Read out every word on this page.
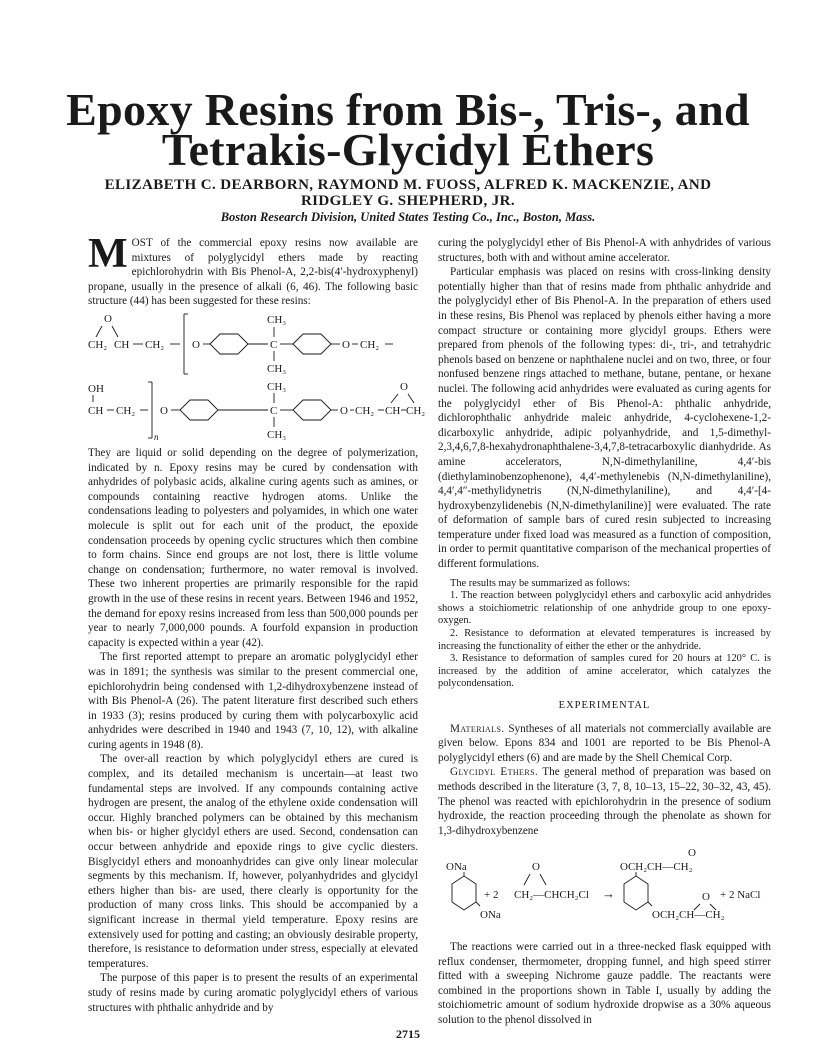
Epoxy Resins from Bis-, Tris-, and
Tetrakis-Glycidyl Ethers
ELIZABETH C. DEARBORN, RAYMOND M. FUOSS, ALFRED K. MACKENZIE, AND
RIDGLEY G. SHEPHERD, JR.
Boston Research Division, United States Testing Co., Inc., Boston, Mass.
M OST of the commercial epoxy resins now available are mixtures of polyglycidyl ethers made by reacting epichlorohydrin with Bis Phenol-A, 2,2-bis(4′-hydroxyphenyl) propane, usually in the presence of alkali (6, 46). The following basic structure (44) has been suggested for these resins:

O
CH₂ CH CH₂	O	C
CH₃
CH₃
O CH₂
OH
CH CH₂
n
O	C
CH₃
CH₃
O CH₂ CH CH₂
O

They are liquid or solid depending on the degree of polymerization, indicated by n. Epoxy resins may be cured by condensation with anhydrides of polybasic acids, alkaline curing agents such as amines, or compounds containing reactive hydrogen atoms. Unlike the condensations leading to polyesters and polyamides, in which one water molecule is split out for each unit of the product, the epoxide condensation proceeds by opening cyclic structures which then combine to form chains. Since end groups are not lost, there is little volume change on condensation; furthermore, no water removal is involved. These two inherent properties are primarily responsible for the rapid growth in the use of these resins in recent years. Between 1946 and 1952, the demand for epoxy resins increased from less than 500,000 pounds per year to nearly 7,000,000 pounds. A fourfold expansion in production capacity is expected within a year (42).

The first reported attempt to prepare an aromatic polyglycidyl ether was in 1891; the synthesis was similar to the present commercial one, epichlorohydrin being condensed with 1,2-dihydroxybenzene instead of with Bis Phenol-A (26). The patent literature first described such ethers in 1933 (3); resins produced by curing them with polycarboxylic acid anhydrides were described in 1940 and 1943 (7, 10, 12), with alkaline curing agents in 1948 (8).

The over-all reaction by which polyglycidyl ethers are cured is complex, and its detailed mechanism is uncertain—at least two fundamental steps are involved. If any compounds containing active hydrogen are present, the analog of the ethylene oxide condensation will occur. Highly branched polymers can be obtained by this mechanism when bis- or higher glycidyl ethers are used. Second, condensation can occur between anhydride and epoxide rings to give cyclic diesters. Bisglycidyl ethers and monoanhydrides can give only linear molecular segments by this mechanism. If, however, polyanhydrides and glycidyl ethers higher than bis- are used, there clearly is opportunity for the production of many cross links. This should be accompanied by a significant increase in thermal yield temperature. Epoxy resins are extensively used for potting and casting; an obviously desirable property, therefore, is resistance to deformation under stress, especially at elevated temperatures.

The purpose of this paper is to present the results of an experimental study of resins made by curing aromatic polyglycidyl ethers of various structures with phthalic anhydride and by

curing the polyglycidyl ether of Bis Phenol-A with anhydrides of various structures, both with and without amine accelerator.

Particular emphasis was placed on resins with cross-linking density potentially higher than that of resins made from phthalic anhydride and the polyglycidyl ether of Bis Phenol-A. In the preparation of ethers used in these resins, Bis Phenol was replaced by phenols either having a more compact structure or containing more glycidyl groups. Ethers were prepared from phenols of the following types: di-, tri-, and tetrahydric phenols based on benzene or naphthalene nuclei and on two, three, or four nonfused benzene rings attached to methane, butane, pentane, or hexane nuclei. The following acid anhydrides were evaluated as curing agents for the polyglycidyl ether of Bis Phenol-A: phthalic anhydride, dichlorophthalic anhydride maleic anhydride, 4-cyclohexene-1,2-dicarboxylic anhydride, adipic polyanhydride, and 1,5-dimethyl-2,3,4,6,7,8-hexahydronaphthalene-3,4,7,8-tetracarboxylic dianhydride. As amine accelerators, N,N-dimethylaniline, 4,4′-bis (diethylaminobenzophenone), 4,4′-methylenebis (N,N-dimethylaniline), 4,4′,4″-methylidynetris (N,N-dimethylaniline), and 4,4′-[4-hydroxybenzylidenebis (N,N-dimethylaniline)] were evaluated. The rate of deformation of sample bars of cured resin subjected to increasing temperature under fixed load was measured as a function of composition, in order to permit quantitative comparison of the mechanical properties of different formulations.

The results may be summarized as follows:

1. The reaction between polyglycidyl ethers and carboxylic acid anhydrides shows a stoichiometric relationship of one anhydride group to one epoxy-oxygen.

2. Resistance to deformation at elevated temperatures is increased by increasing the functionality of either the ether or the anhydride.

3. Resistance to deformation of samples cured for 20 hours at 120° C. is increased by the addition of amine accelerator, which catalyzes the polycondensation.

EXPERIMENTAL

Materials. Syntheses of all materials not commercially available are given below. Epons 834 and 1001 are reported to be Bis Phenol-A polyglycidyl ethers (6) and are made by the Shell Chemical Corp.

Glycidyl Ethers. The general method of preparation was based on methods described in the literature (3, 7, 8, 10–13, 15–22, 30–32, 43, 45). The phenol was reacted with epichlorohydrin in the presence of sodium hydroxide, the reaction proceeding through the phenolate as shown for 1,3-dihydroxybenzene

ONa
ONa
+ 2
O
CH₂—CHCH₂Cl →
OCH₂CH—CH₂
OCH₂CH—CH₂
O
O + 2 NaCl

The reactions were carried out in a three-necked flask equipped with reflux condenser, thermometer, dropping funnel, and high speed stirrer fitted with a sweeping Nichrome gauze paddle. The reactants were combined in the proportions shown in Table I, usually by adding the stoichiometric amount of sodium hydroxide dropwise as a 30% aqueous solution to the phenol dissolved in

2715
